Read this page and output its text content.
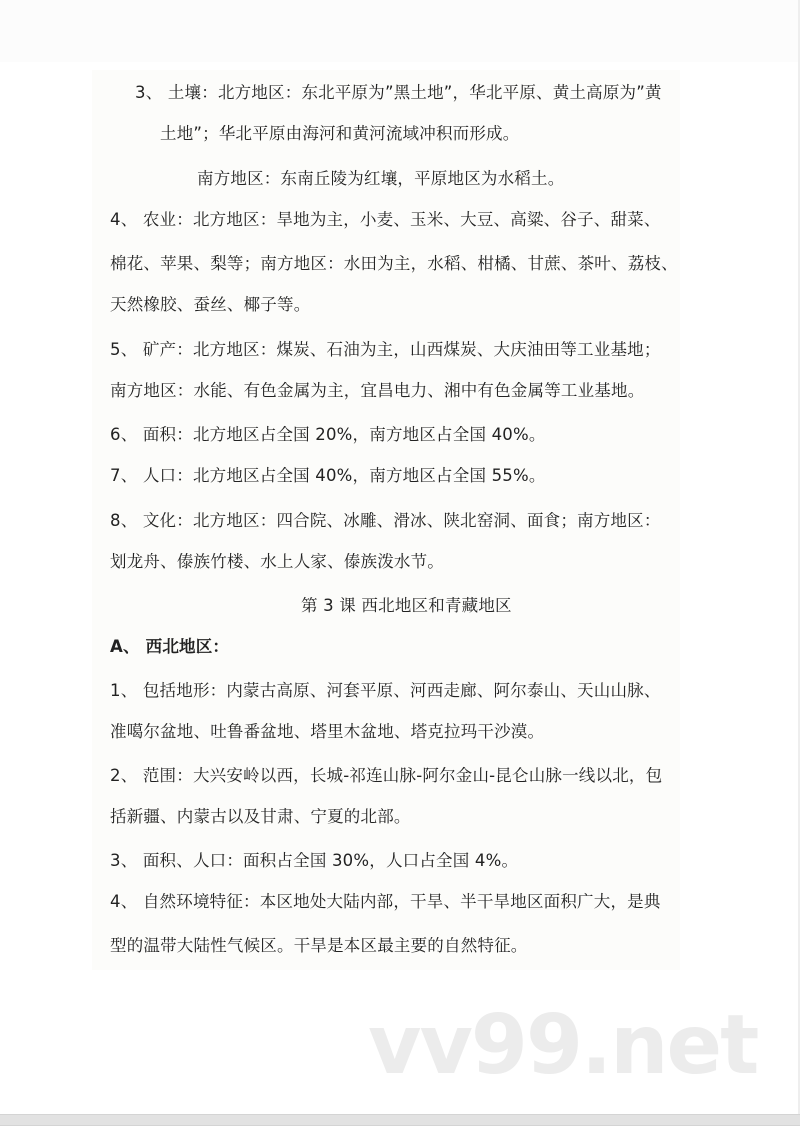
3、 土壤：北方地区：东北平原为”黑土地”，华北平原、黄土高原为”黄
土地”；华北平原由海河和黄河流域冲积而形成。
南方地区：东南丘陵为红壤，平原地区为水稻土。
4、 农业：北方地区：旱地为主，小麦、玉米、大豆、高粱、谷子、甜菜、
棉花、苹果、梨等；南方地区：水田为主，水稻、柑橘、甘蔗、茶叶、荔枝、
天然橡胶、蚕丝、椰子等。
5、 矿产：北方地区：煤炭、石油为主，山西煤炭、大庆油田等工业基地；
南方地区：水能、有色金属为主，宜昌电力、湘中有色金属等工业基地。
6、 面积：北方地区占全国 20%，南方地区占全国 40%。
7、 人口：北方地区占全国 40%，南方地区占全国 55%。
8、 文化：北方地区：四合院、冰雕、滑冰、陕北窑洞、面食；南方地区：
划龙舟、傣族竹楼、水上人家、傣族泼水节。
第 3 课 西北地区和青藏地区
A、 西北地区：
1、 包括地形：内蒙古高原、河套平原、河西走廊、阿尔泰山、天山山脉、
准噶尔盆地、吐鲁番盆地、塔里木盆地、塔克拉玛干沙漠。
2、 范围：大兴安岭以西，长城-祁连山脉-阿尔金山-昆仑山脉一线以北，包
括新疆、内蒙古以及甘肃、宁夏的北部。
3、 面积、人口：面积占全国 30%，人口占全国 4%。
4、 自然环境特征：本区地处大陆内部，干旱、半干旱地区面积广大，是典
型的温带大陆性气候区。干旱是本区最主要的自然特征。
vv99.net
